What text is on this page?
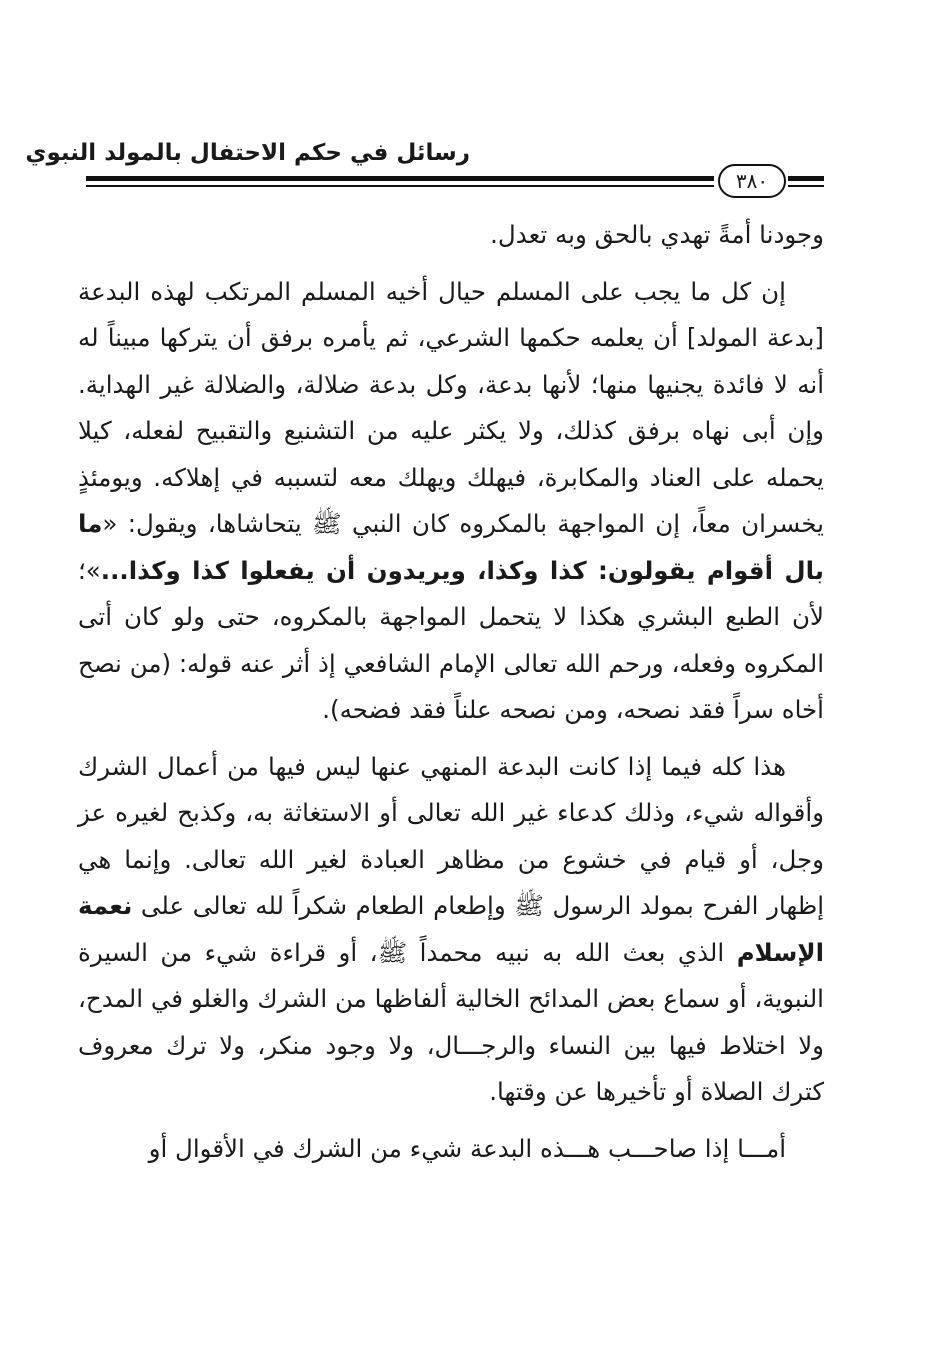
رسائل في حكم الاحتفال بالمولد النبوي
٣٨٠

وجودنا أمةً تهدي بالحق وبه تعدل.

إن كل ما يجب على المسلم حيال أخيه المسلم المرتكب لهذه البدعة [بدعة المولد] أن يعلمه حكمها الشرعي، ثم يأمره برفق أن يتركها مبيناً له أنه لا فائدة يجنيها منها؛ لأنها بدعة، وكل بدعة ضلالة، والضلالة غير الهداية. وإن أبى نهاه برفق كذلك، ولا يكثر عليه من التشنيع والتقبيح لفعله، كيلا يحمله على العناد والمكابرة، فيهلك ويهلك معه لتسببه في إهلاكه. ويومئذٍ يخسران معاً، إن المواجهة بالمكروه كان النبي ﷺ يتحاشاها، ويقول: «ما بال أقوام يقولون: كذا وكذا، ويريدون أن يفعلوا كذا وكذا...»؛ لأن الطبع البشري هكذا لا يتحمل المواجهة بالمكروه، حتى ولو كان أتى المكروه وفعله، ورحم الله تعالى الإمام الشافعي إذ أثر عنه قوله: (من نصح أخاه سراً فقد نصحه، ومن نصحه علناً فقد فضحه).

هذا كله فيما إذا كانت البدعة المنهي عنها ليس فيها من أعمال الشرك وأقواله شيء، وذلك كدعاء غير الله تعالى أو الاستغاثة به، وكذبح لغيره عز وجل، أو قيام في خشوع من مظاهر العبادة لغير الله تعالى. وإنما هي إظهار الفرح بمولد الرسول ﷺ وإطعام الطعام شكراً لله تعالى على نعمة الإسلام الذي بعث الله به نبيه محمداً ﷺ، أو قراءة شيء من السيرة النبوية، أو سماع بعض المدائح الخالية ألفاظها من الشرك والغلو في المدح، ولا اختلاط فيها بين النساء والرجـــال، ولا وجود منكر، ولا ترك معروف كترك الصلاة أو تأخيرها عن وقتها.

أمـــا إذا صاحـــب هـــذه البدعة شيء من الشرك في الأقوال أو
